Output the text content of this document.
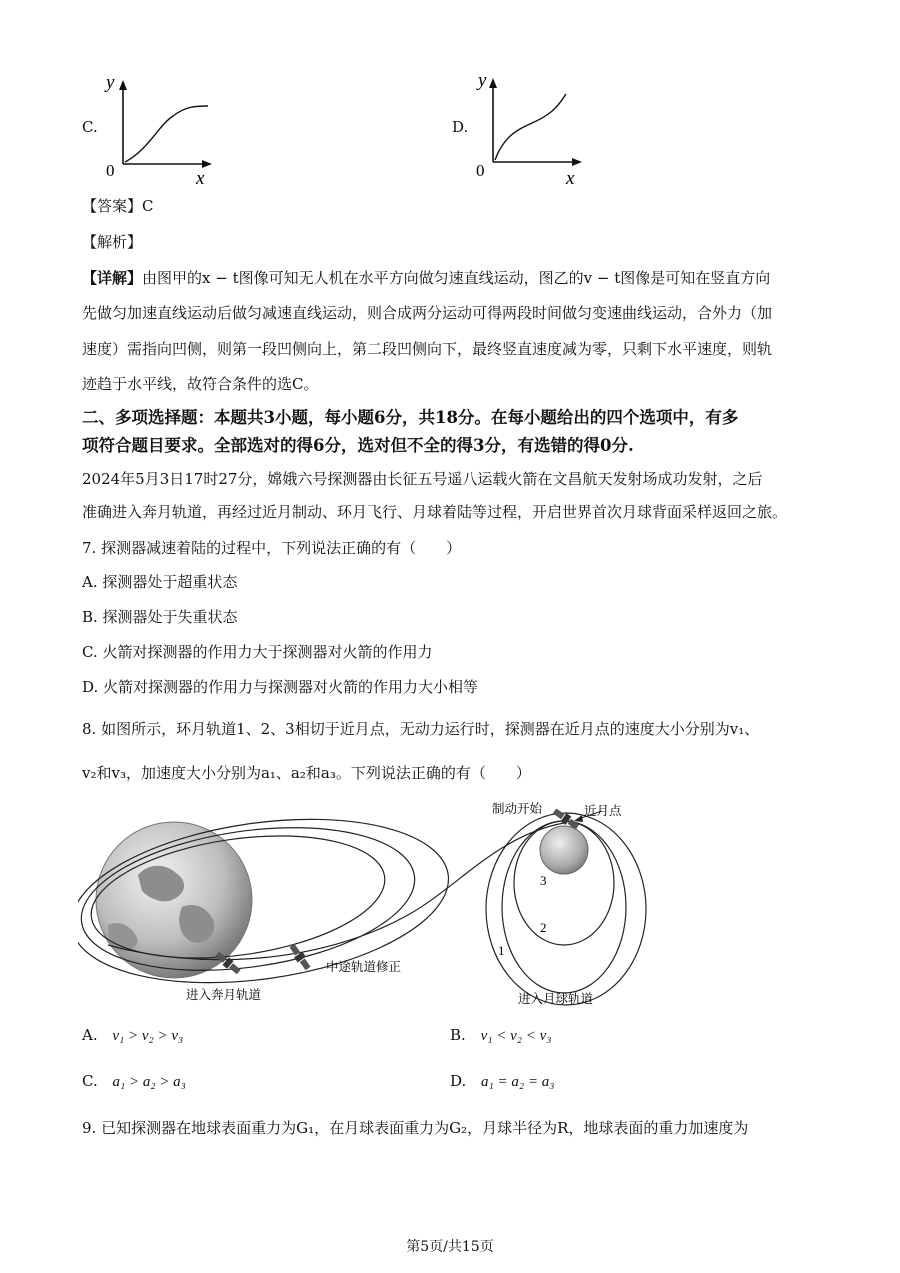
C.
y
x
0
D.
y
x
0
【答案】C
【解析】
【详解】由图甲的x − t图像可知无人机在水平方向做匀速直线运动，图乙的v − t图像是可知在竖直方向
先做匀加速直线运动后做匀减速直线运动，则合成两分运动可得两段时间做匀变速曲线运动，合外力（加
速度）需指向凹侧，则第一段凹侧向上，第二段凹侧向下，最终竖直速度减为零，只剩下水平速度，则轨
迹趋于水平线，故符合条件的选C。
二、多项选择题：本题共3小题，每小题6分，共18分。在每小题给出的四个选项中，有多
项符合题目要求。全部选对的得6分，选对但不全的得3分，有选错的得0分.
2024年5月3日17时27分，嫦娥六号探测器由长征五号遥八运载火箭在文昌航天发射场成功发射，之后
准确进入奔月轨道，再经过近月制动、环月飞行、月球着陆等过程，开启世界首次月球背面采样返回之旅。
7. 探测器减速着陆的过程中，下列说法正确的有（　　）
A. 探测器处于超重状态
B. 探测器处于失重状态
C. 火箭对探测器的作用力大于探测器对火箭的作用力
D. 火箭对探测器的作用力与探测器对火箭的作用力大小相等
8. 如图所示，环月轨道1、2、3相切于近月点，无动力运行时，探测器在近月点的速度大小分别为v₁、
v₂和v₃，加速度大小分别为a₁、a₂和a₃。下列说法正确的有（　　）
制动开始	近月点
3
2
1
中途轨道修正
进入奔月轨道	进入月球轨道
A. v₁ > v₂ > v₃	B. v₁ < v₂ < v₃
C. a₁ > a₂ > a₃	D. a₁ = a₂ = a₃
9. 已知探测器在地球表面重力为G₁，在月球表面重力为G₂，月球半径为R，地球表面的重力加速度为
第5页/共15页
